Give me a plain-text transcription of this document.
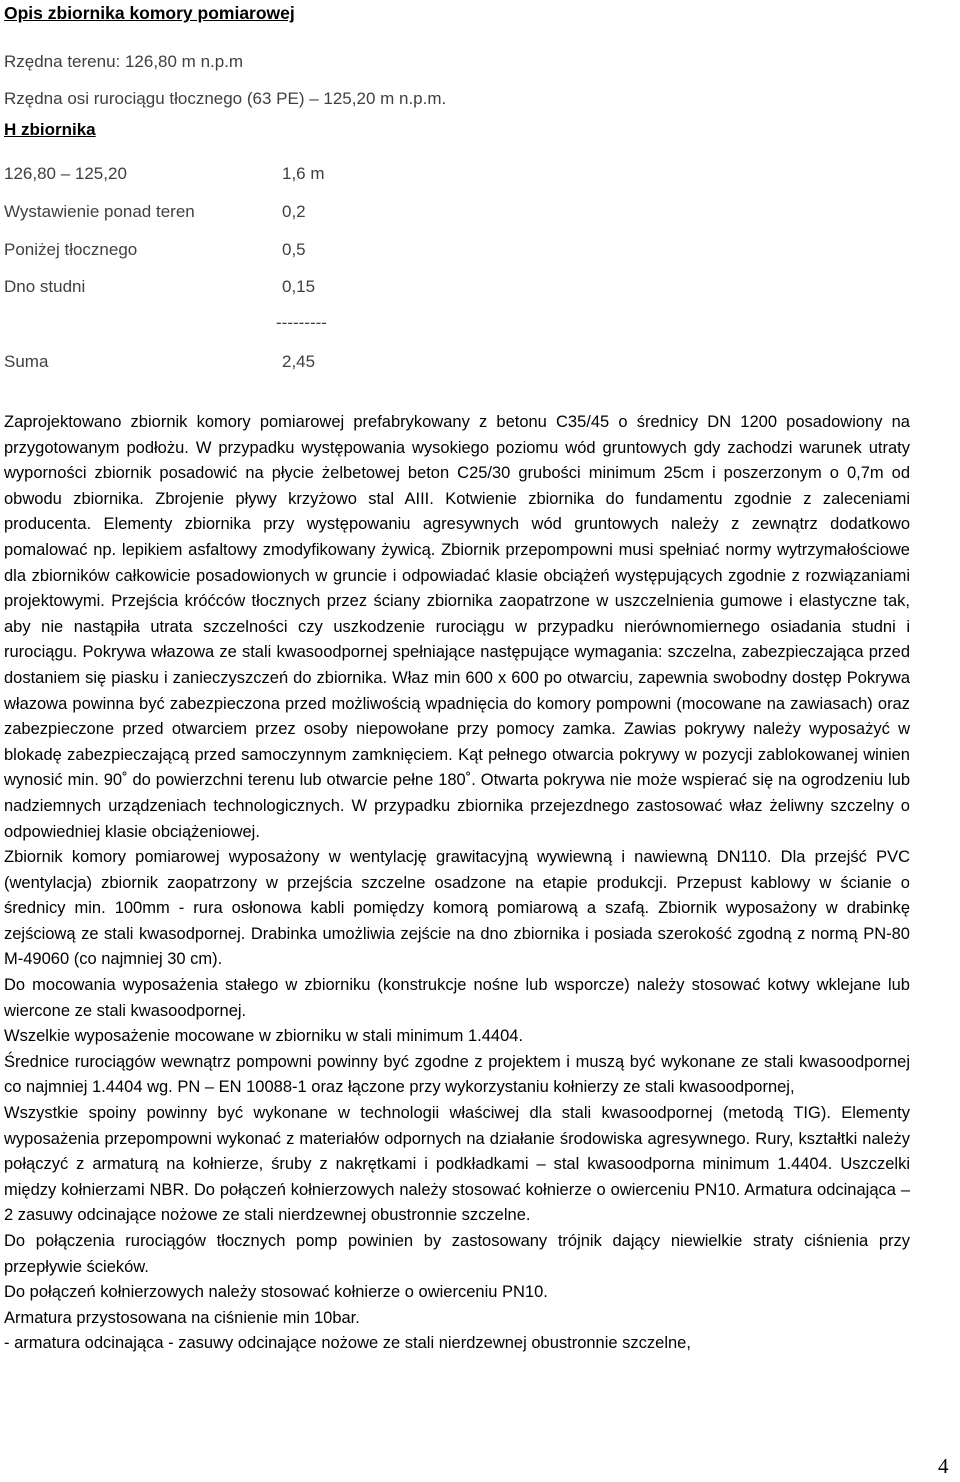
Opis zbiornika komory pomiarowej
Rzędna terenu: 126,80 m n.p.m
Rzędna osi rurociągu tłocznego (63 PE) – 125,20 m n.p.m.
H zbiornika
126,80 – 125,20	1,6 m
Wystawienie ponad teren	0,2
Poniżej tłocznego	0,5
Dno studni	0,15
---------
Suma	2,45

Zaprojektowano zbiornik komory pomiarowej prefabrykowany z betonu C35/45 o średnicy DN 1200 posadowiony na przygotowanym podłożu. W przypadku występowania wysokiego poziomu wód gruntowych gdy zachodzi warunek utraty wyporności zbiornik posadowić na płycie żelbetowej beton C25/30 grubości minimum 25cm i poszerzonym o 0,7m od obwodu zbiornika. Zbrojenie pływy krzyżowo stal AIII. Kotwienie zbiornika do fundamentu zgodnie z zaleceniami producenta. Elementy zbiornika przy występowaniu agresywnych wód gruntowych należy z zewnątrz dodatkowo pomalować np. lepikiem asfaltowy zmodyfikowany żywicą. Zbiornik przepompowni musi spełniać normy wytrzymałościowe dla zbiorników całkowicie posadowionych w gruncie i odpowiadać klasie obciążeń występujących zgodnie z rozwiązaniami projektowymi. Przejścia króćców tłocznych przez ściany zbiornika zaopatrzone w uszczelnienia gumowe i elastyczne tak, aby nie nastąpiła utrata szczelności czy uszkodzenie rurociągu w przypadku nierównomiernego osiadania studni i rurociągu. Pokrywa włazowa ze stali kwasoodpornej spełniające następujące wymagania: szczelna, zabezpieczająca przed dostaniem się piasku i zanieczyszczeń do zbiornika. Właz min 600 x 600 po otwarciu, zapewnia swobodny dostęp Pokrywa włazowa powinna być zabezpieczona przed możliwością wpadnięcia do komory pompowni (mocowane na zawiasach) oraz zabezpieczone przed otwarciem przez osoby niepowołane przy pomocy zamka. Zawias pokrywy należy wyposażyć w blokadę zabezpieczającą przed samoczynnym zamknięciem. Kąt pełnego otwarcia pokrywy w pozycji zablokowanej winien wynosić min. 90˚ do powierzchni terenu lub otwarcie pełne 180˚. Otwarta pokrywa nie może wspierać się na ogrodzeniu lub nadziemnych urządzeniach technologicznych. W przypadku zbiornika przejezdnego zastosować właz żeliwny szczelny o odpowiedniej klasie obciążeniowej.

Zbiornik komory pomiarowej wyposażony w wentylację grawitacyjną wywiewną i nawiewną DN110. Dla przejść PVC (wentylacja) zbiornik zaopatrzony w przejścia szczelne osadzone na etapie produkcji. Przepust kablowy w ścianie o średnicy min. 100mm - rura osłonowa kabli pomiędzy komorą pomiarową a szafą. Zbiornik wyposażony w drabinkę zejściową ze stali kwasodpornej. Drabinka umożliwia zejście na dno zbiornika i posiada szerokość zgodną z normą PN-80 M-49060 (co najmniej 30 cm).

Do mocowania wyposażenia stałego w zbiorniku (konstrukcje nośne lub wsporcze) należy stosować kotwy wklejane lub wiercone ze stali kwasoodpornej.

Wszelkie wyposażenie mocowane w zbiorniku w stali minimum 1.4404.

Średnice rurociągów wewnątrz pompowni powinny być zgodne z projektem i muszą być wykonane ze stali kwasoodpornej co najmniej 1.4404 wg. PN – EN 10088-1 oraz łączone przy wykorzystaniu kołnierzy ze stali kwasoodpornej,

Wszystkie spoiny powinny być wykonane w technologii właściwej dla stali kwasoodpornej (metodą TIG). Elementy wyposażenia przepompowni wykonać z materiałów odpornych na działanie środowiska agresywnego. Rury, kształtki należy połączyć z armaturą na kołnierze, śruby z nakrętkami i podkładkami – stal kwasoodporna minimum 1.4404. Uszczelki między kołnierzami NBR. Do połączeń kołnierzowych należy stosować kołnierze o owierceniu PN10. Armatura odcinająca – 2 zasuwy odcinające nożowe ze stali nierdzewnej obustronnie szczelne.

Do połączenia rurociągów tłocznych pomp powinien by zastosowany trójnik dający niewielkie straty ciśnienia przy przepływie ścieków.

Do połączeń kołnierzowych należy stosować kołnierze o owierceniu PN10.

Armatura przystosowana na ciśnienie min 10bar.

- armatura odcinająca - zasuwy odcinające nożowe ze stali nierdzewnej obustronnie szczelne,

4
